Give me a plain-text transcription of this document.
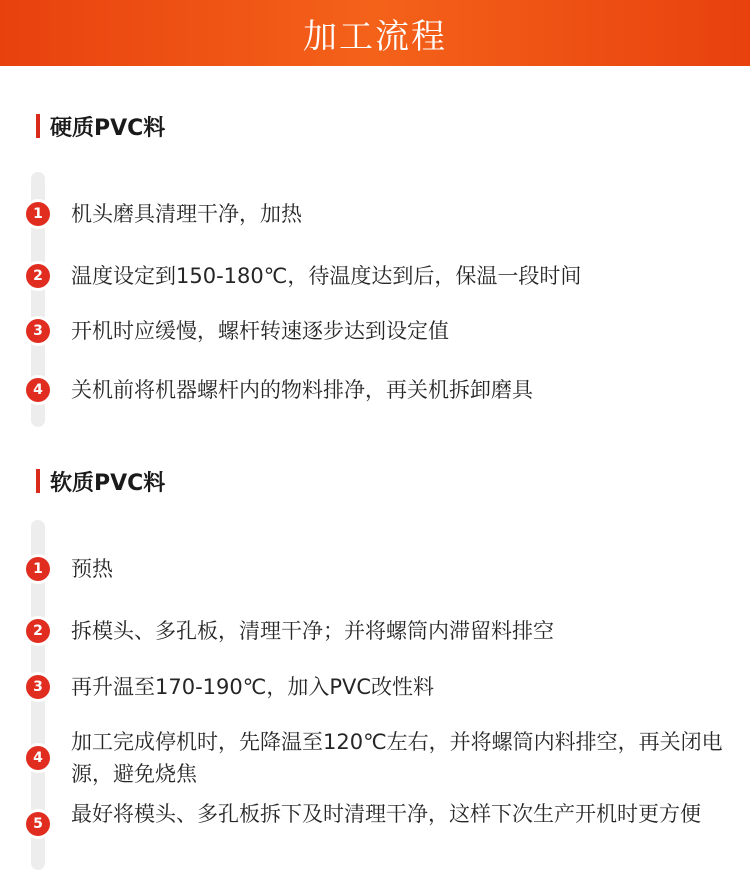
加工流程
硬质PVC料
1	机头磨具清理干净，加热
2	温度设定到150-180℃，待温度达到后，保温一段时间
3	开机时应缓慢，螺杆转速逐步达到设定值
4	关机前将机器螺杆内的物料排净，再关机拆卸磨具
软质PVC料
1	预热
2	拆模头、多孔板，清理干净；并将螺筒内滞留料排空
3	再升温至170-190℃，加入PVC改性料
4
加工完成停机时，先降温至120℃左右，并将螺筒内料排空，再关闭电源，避免烧焦
5	最好将模头、多孔板拆下及时清理干净，这样下次生产开机时更方便
